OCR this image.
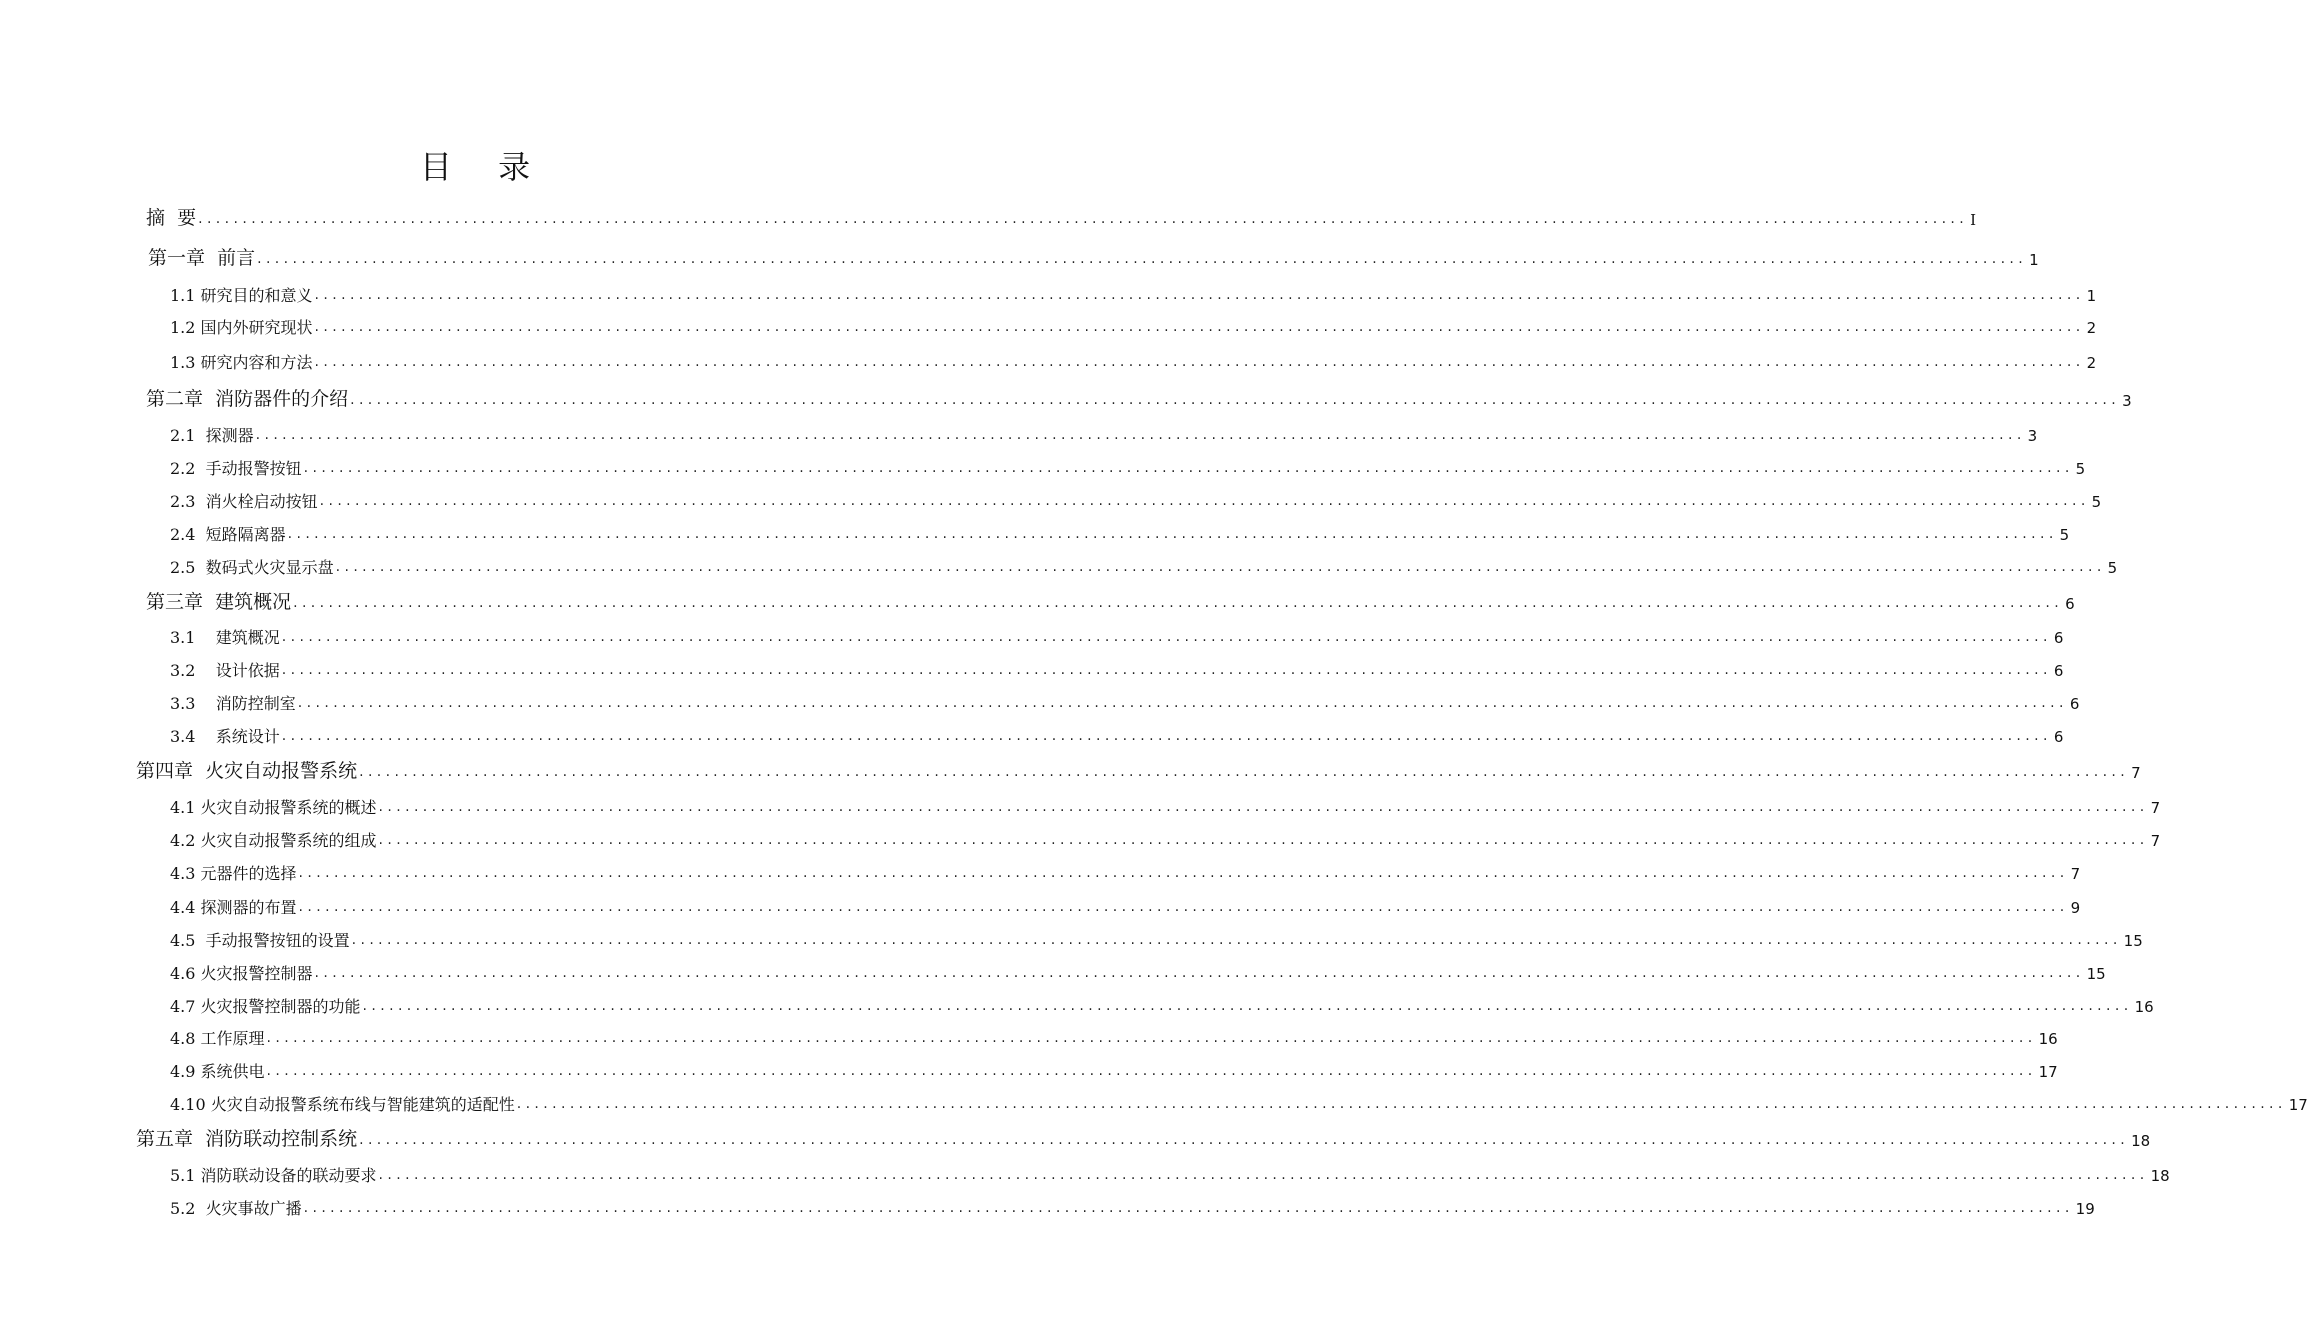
目 录
摘  要 ........................................................................................................................................................................................................ I
第一章  前言 ........................................................................................................................................................................................................ 1
1.1 研究目的和意义 ........................................................................................................................................................................................................ 1
1.2 国内外研究现状 ........................................................................................................................................................................................................ 2
1.3 研究内容和方法 ........................................................................................................................................................................................................ 2
第二章  消防器件的介绍 ........................................................................................................................................................................................................ 3
2.1  探测器 ........................................................................................................................................................................................................ 3
2.2  手动报警按钮 ........................................................................................................................................................................................................ 5
2.3  消火栓启动按钮 ........................................................................................................................................................................................................ 5
2.4  短路隔离器 ........................................................................................................................................................................................................ 5
2.5  数码式火灾显示盘 ........................................................................................................................................................................................................ 5
第三章  建筑概况 ........................................................................................................................................................................................................ 6
3.1    建筑概况 ........................................................................................................................................................................................................ 6
3.2    设计依据 ........................................................................................................................................................................................................ 6
3.3    消防控制室 ........................................................................................................................................................................................................ 6
3.4    系统设计 ........................................................................................................................................................................................................ 6
第四章  火灾自动报警系统 ........................................................................................................................................................................................................ 7
4.1 火灾自动报警系统的概述 ........................................................................................................................................................................................................ 7
4.2 火灾自动报警系统的组成 ........................................................................................................................................................................................................ 7
4.3 元器件的选择 ........................................................................................................................................................................................................ 7
4.4 探测器的布置 ........................................................................................................................................................................................................ 9
4.5  手动报警按钮的设置 ........................................................................................................................................................................................................ 15
4.6 火灾报警控制器 ........................................................................................................................................................................................................ 15
4.7 火灾报警控制器的功能 ........................................................................................................................................................................................................ 16
4.8 工作原理 ........................................................................................................................................................................................................ 16
4.9 系统供电 ........................................................................................................................................................................................................ 17
4.10 火灾自动报警系统布线与智能建筑的适配性 ........................................................................................................................................................................................................ 17
第五章  消防联动控制系统 ........................................................................................................................................................................................................ 18
5.1 消防联动设备的联动要求 ........................................................................................................................................................................................................ 18
5.2  火灾事故广播 ........................................................................................................................................................................................................ 19
